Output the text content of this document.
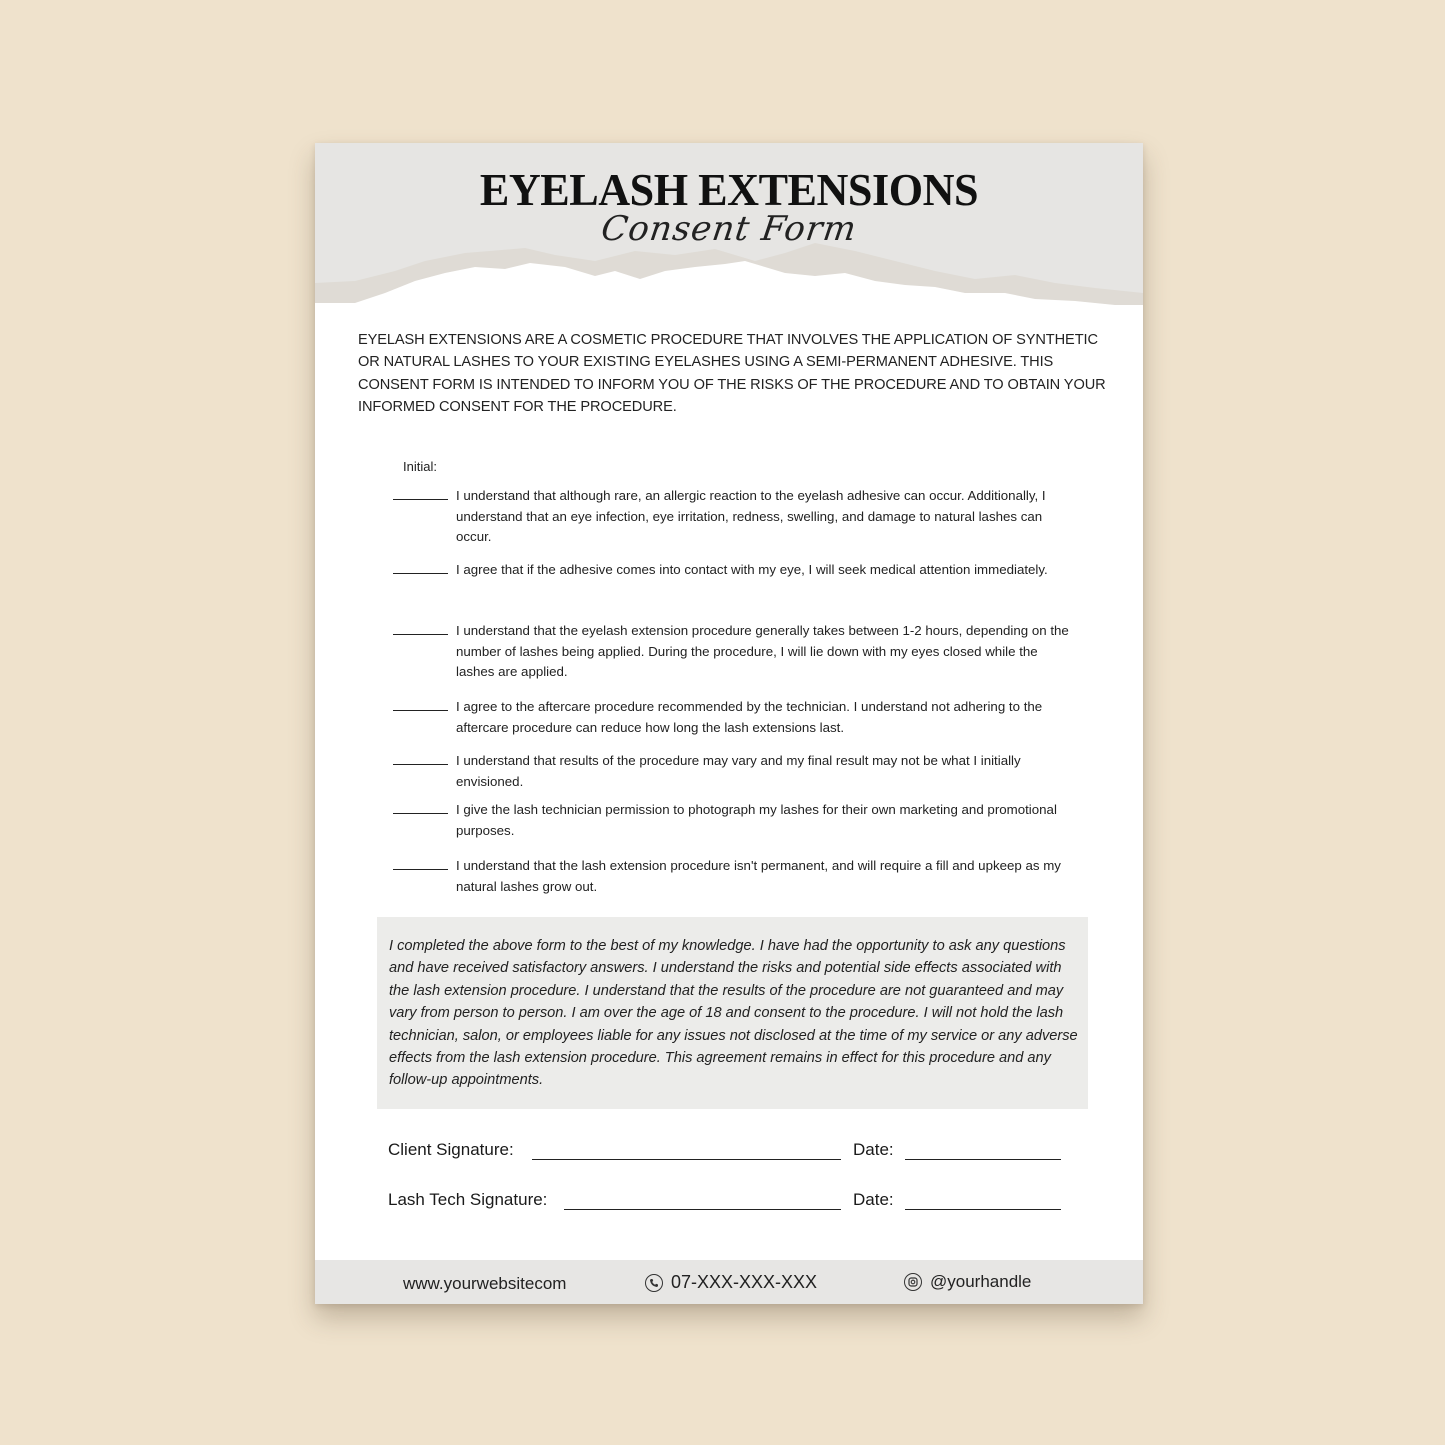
EYELASH EXTENSIONS
Consent Form
EYELASH EXTENSIONS ARE A COSMETIC PROCEDURE THAT INVOLVES THE APPLICATION OF SYNTHETIC OR NATURAL LASHES TO YOUR EXISTING EYELASHES USING A SEMI-PERMANENT ADHESIVE. THIS CONSENT FORM IS INTENDED TO INFORM YOU OF THE RISKS OF THE PROCEDURE AND TO OBTAIN YOUR INFORMED CONSENT FOR THE PROCEDURE.
Initial:
I understand that although rare, an allergic reaction to the eyelash adhesive can occur. Additionally, I understand that an eye infection, eye irritation, redness, swelling, and damage to natural lashes can occur.
I agree that if the adhesive comes into contact with my eye, I will seek medical attention immediately.
I understand that the eyelash extension procedure generally takes between 1-2 hours, depending on the number of lashes being applied. During the procedure, I will lie down with my eyes closed while the lashes are applied.
I agree to the aftercare procedure recommended by the technician. I understand not adhering to the aftercare procedure can reduce how long the lash extensions last.
I understand that results of the procedure may vary and my final result may not be what I initially envisioned.
I give the lash technician permission to photograph my lashes for their own marketing and promotional purposes.
I understand that the lash extension procedure isn't permanent, and will require a fill and upkeep as my natural lashes grow out.
I completed the above form to the best of my knowledge. I have had the opportunity to ask any questions and have received satisfactory answers. I understand the risks and potential side effects associated with the lash extension procedure. I understand that the results of the procedure are not guaranteed and may vary from person to person. I am over the age of 18 and consent to the procedure. I will not hold the lash technician, salon, or employees liable for any issues not disclosed at the time of my service or any adverse effects from the lash extension procedure. This agreement remains in effect for this procedure and any follow-up appointments.
Client Signature:	Date:
Lash Tech Signature:	Date:
www.yourwebsitecom	07-XXX-XXX-XXX	@yourhandle
